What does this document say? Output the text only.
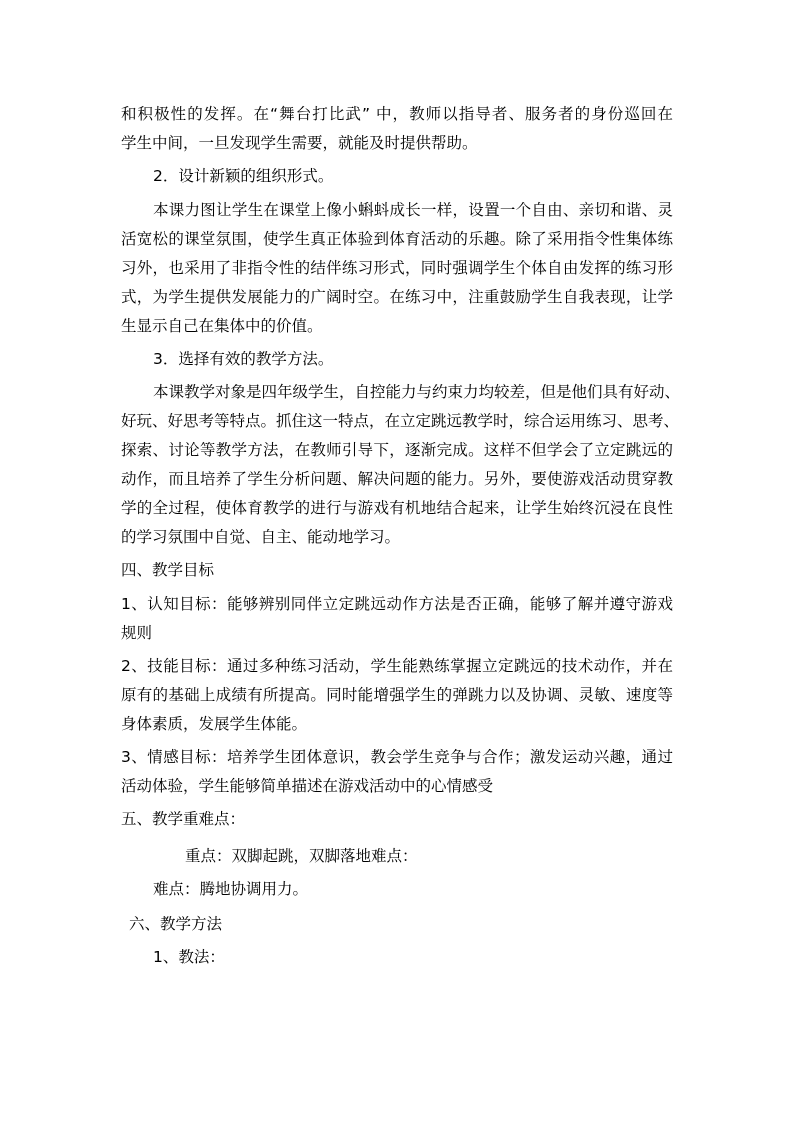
和积极性的发挥。在“舞台打比武” 中，教师以指导者、服务者的身份巡回在
学生中间，一旦发现学生需要，就能及时提供帮助。
2．设计新颖的组织形式。
本课力图让学生在课堂上像小蝌蚪成长一样，设置一个自由、亲切和谐、灵
活宽松的课堂氛围，使学生真正体验到体育活动的乐趣。除了采用指令性集体练
习外，也采用了非指令性的结伴练习形式，同时强调学生个体自由发挥的练习形
式，为学生提供发展能力的广阔时空。在练习中，注重鼓励学生自我表现，让学
生显示自己在集体中的价值。
3．选择有效的教学方法。
本课教学对象是四年级学生，自控能力与约束力均较差，但是他们具有好动、
好玩、好思考等特点。抓住这一特点，在立定跳远教学时，综合运用练习、思考、
探索、讨论等教学方法，在教师引导下，逐渐完成。这样不但学会了立定跳远的
动作，而且培养了学生分析问题、解决问题的能力。另外，要使游戏活动贯穿教
学的全过程，使体育教学的进行与游戏有机地结合起来，让学生始终沉浸在良性
的学习氛围中自觉、自主、能动地学习。
四、教学目标
1、认知目标：能够辨别同伴立定跳远动作方法是否正确，能够了解并遵守游戏
规则
2、技能目标：通过多种练习活动，学生能熟练掌握立定跳远的技术动作，并在
原有的基础上成绩有所提高。同时能增强学生的弹跳力以及协调、灵敏、速度等
身体素质，发展学生体能。
3、情感目标：培养学生团体意识，教会学生竞争与合作；激发运动兴趣，通过
活动体验，学生能够简单描述在游戏活动中的心情感受
五、教学重难点：
重点：双脚起跳，双脚落地难点：
难点：腾地协调用力。
六、教学方法
1、教法：
